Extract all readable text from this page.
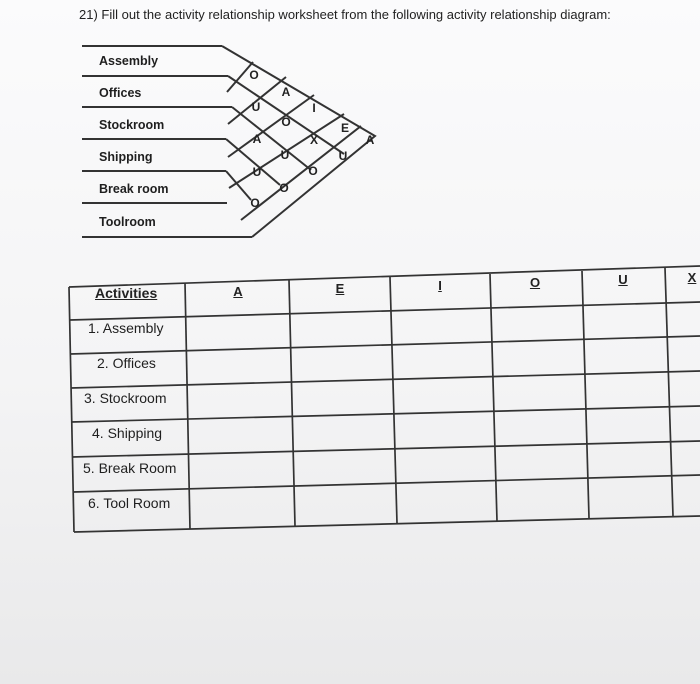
21) Fill out the activity relationship worksheet from the following activity relationship diagram:
Assembly
Offices
Stockroom
Shipping
Break room
Toolroom
O
A
U	I
O
A
E
X
U
A
U
O
U
O
O
Activities	A	E	I	O	U	X
1. Assembly
2. Offices
3. Stockroom
4. Shipping
5. Break Room
6. Tool Room
